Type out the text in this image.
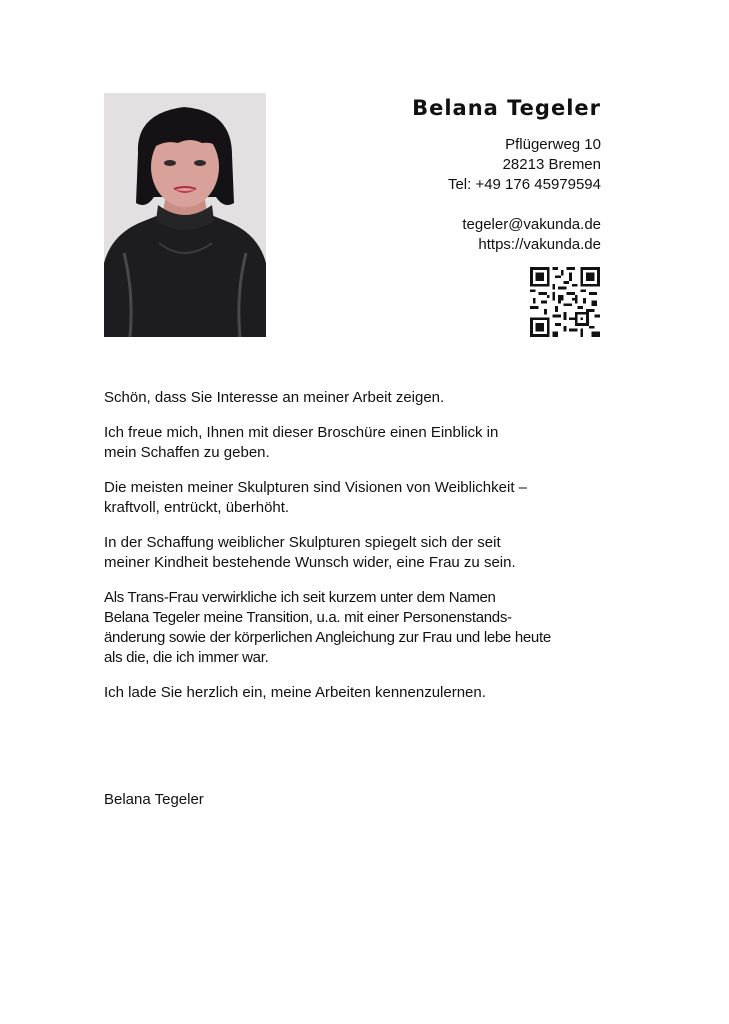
Belana Tegeler
Pflügerweg 10
28213 Bremen
Tel: +49 176 45979594
tegeler@vakunda.de
https://vakunda.de

Schön, dass Sie Interesse an meiner Arbeit zeigen.

Ich freue mich, Ihnen mit dieser Broschüre einen Einblick in
mein Schaffen zu geben.

Die meisten meiner Skulpturen sind Visionen von Weiblichkeit –
kraftvoll, entrückt, überhöht.

In der Schaffung weiblicher Skulpturen spiegelt sich der seit
meiner Kindheit bestehende Wunsch wider, eine Frau zu sein.

Als Trans-Frau verwirkliche ich seit kurzem unter dem Namen
Belana Tegeler meine Transition, u.a. mit einer Personenstands-
änderung sowie der körperlichen Angleichung zur Frau und lebe heute
als die, die ich immer war.

Ich lade Sie herzlich ein, meine Arbeiten kennenzulernen.

Belana Tegeler
